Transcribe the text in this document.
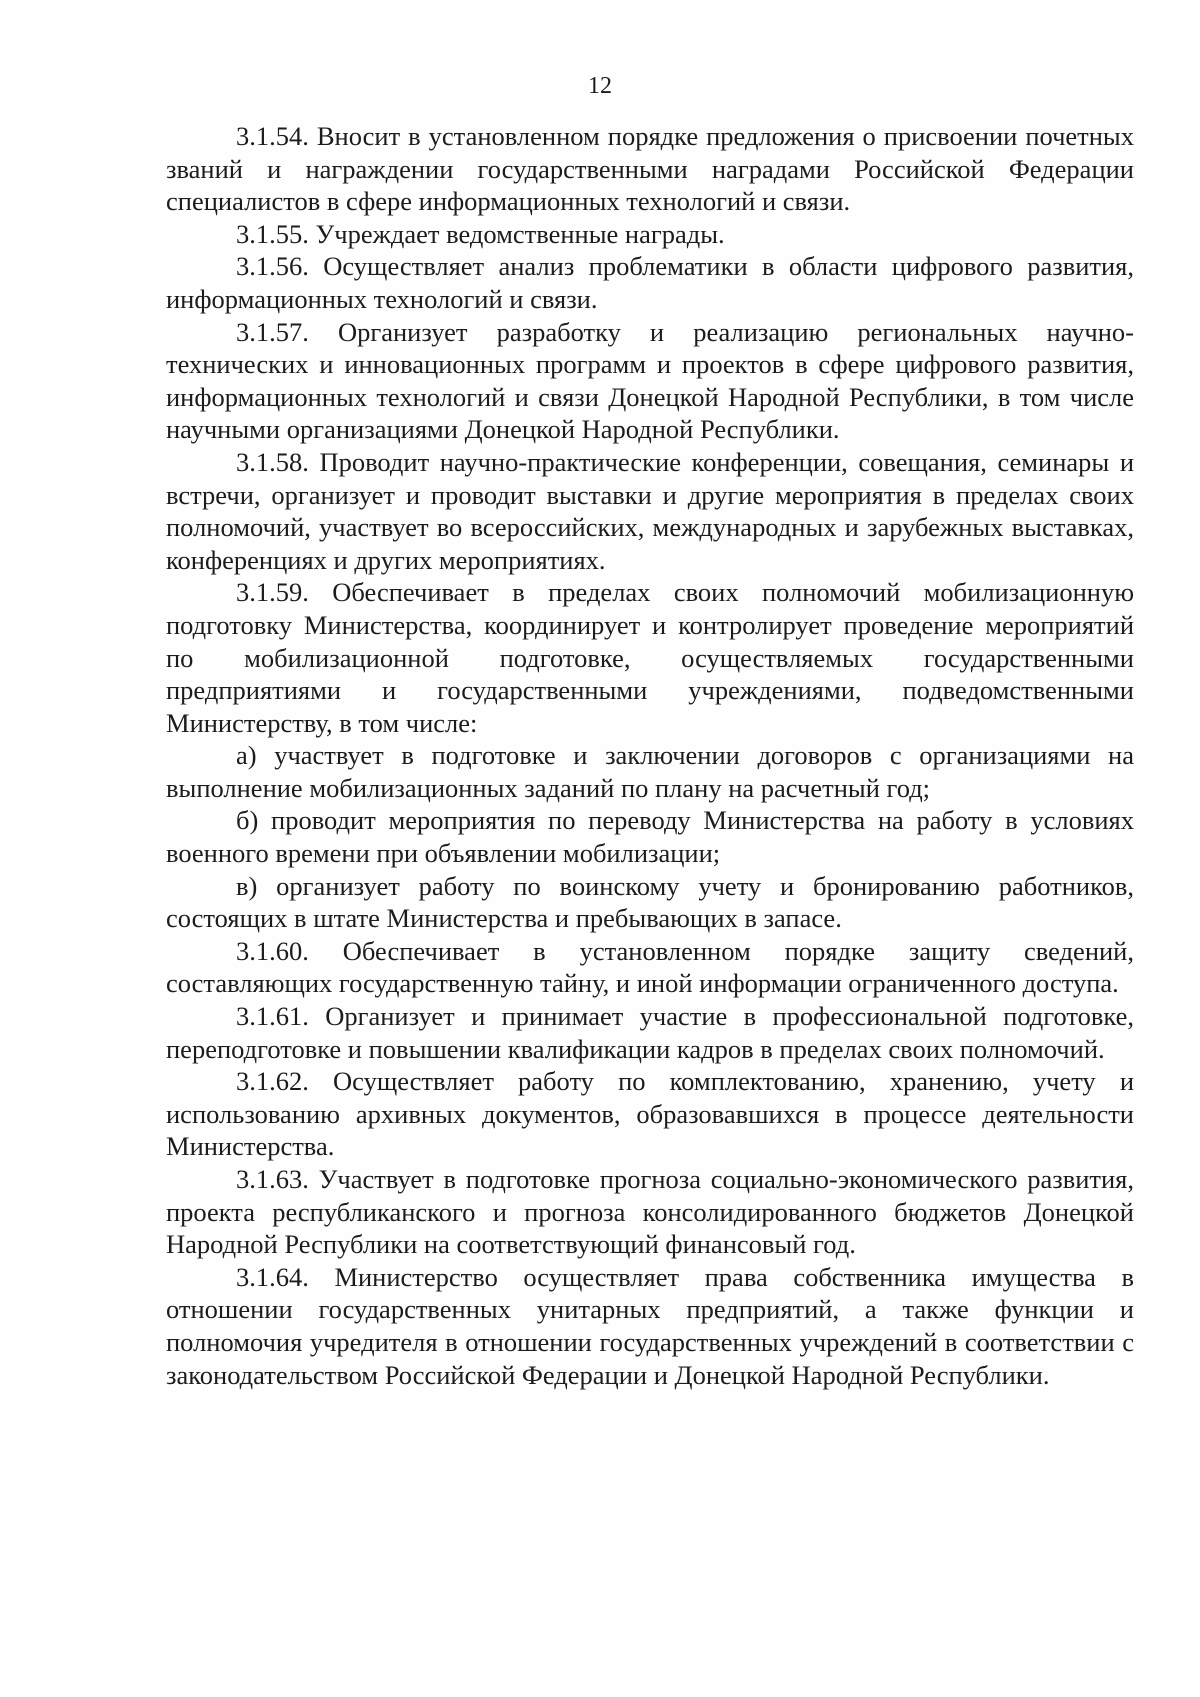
12

3.1.54. Вносит в установленном порядке предложения о присвоении почетных званий и награждении государственными наградами Российской Федерации специалистов в сфере информационных технологий и связи.

3.1.55. Учреждает ведомственные награды.

3.1.56. Осуществляет анализ проблематики в области цифрового развития, информационных технологий и связи.

3.1.57. Организует разработку и реализацию региональных научно-технических и инновационных программ и проектов в сфере цифрового развития, информационных технологий и связи Донецкой Народной Республики, в том числе научными организациями Донецкой Народной Республики.

3.1.58. Проводит научно-практические конференции, совещания, семинары и встречи, организует и проводит выставки и другие мероприятия в пределах своих полномочий, участвует во всероссийских, международных и зарубежных выставках, конференциях и других мероприятиях.

3.1.59. Обеспечивает в пределах своих полномочий мобилизационную подготовку Министерства, координирует и контролирует проведение мероприятий по мобилизационной подготовке, осуществляемых государственными предприятиями и государственными учреждениями, подведомственными Министерству, в том числе:

а) участвует в подготовке и заключении договоров с организациями на выполнение мобилизационных заданий по плану на расчетный год;

б) проводит мероприятия по переводу Министерства на работу в условиях военного времени при объявлении мобилизации;

в) организует работу по воинскому учету и бронированию работников, состоящих в штате Министерства и пребывающих в запасе.

3.1.60. Обеспечивает в установленном порядке защиту сведений, составляющих государственную тайну, и иной информации ограниченного доступа.

3.1.61. Организует и принимает участие в профессиональной подготовке, переподготовке и повышении квалификации кадров в пределах своих полномочий.

3.1.62. Осуществляет работу по комплектованию, хранению, учету и использованию архивных документов, образовавшихся в процессе деятельности Министерства.

3.1.63. Участвует в подготовке прогноза социально-экономического развития, проекта республиканского и прогноза консолидированного бюджетов Донецкой Народной Республики на соответствующий финансовый год.

3.1.64. Министерство осуществляет права собственника имущества в отношении государственных унитарных предприятий, а также функции и полномочия учредителя в отношении государственных учреждений в соответствии с законодательством Российской Федерации и Донецкой Народной Республики.
